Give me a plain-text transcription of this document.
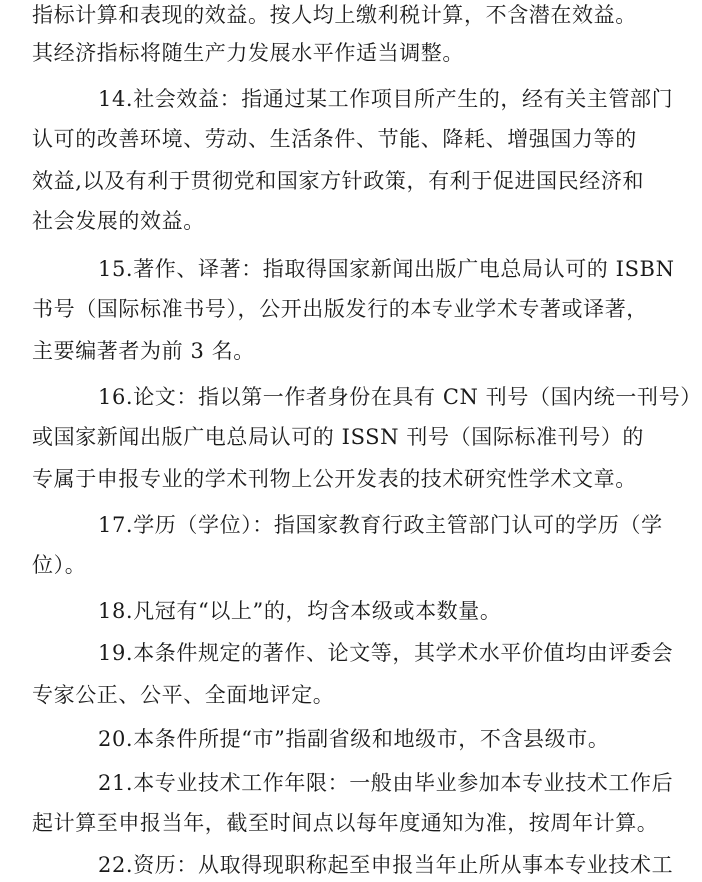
指标计算和表现的效益。按人均上缴利税计算，不含潜在效益。
其经济指标将随生产力发展水平作适当调整。
14.社会效益：指通过某工作项目所产生的，经有关主管部门
认可的改善环境、劳动、生活条件、节能、降耗、增强国力等的
效益,以及有利于贯彻党和国家方针政策，有利于促进国民经济和
社会发展的效益。
15.著作、译著：指取得国家新闻出版广电总局认可的 ISBN
书号（国际标准书号），公开出版发行的本专业学术专著或译著，
主要编著者为前 3 名。
16.论文：指以第一作者身份在具有 CN 刊号（国内统一刊号）
或国家新闻出版广电总局认可的 ISSN 刊号（国际标准刊号）的
专属于申报专业的学术刊物上公开发表的技术研究性学术文章。
17.学历（学位）：指国家教育行政主管部门认可的学历（学
位）。
18.凡冠有“以上”的，均含本级或本数量。
19.本条件规定的著作、论文等，其学术水平价值均由评委会
专家公正、公平、全面地评定。
20.本条件所提“市”指副省级和地级市，不含县级市。
21.本专业技术工作年限：一般由毕业参加本专业技术工作后
起计算至申报当年，截至时间点以每年度通知为准，按周年计算。
22.资历：从取得现职称起至申报当年止所从事本专业技术工
